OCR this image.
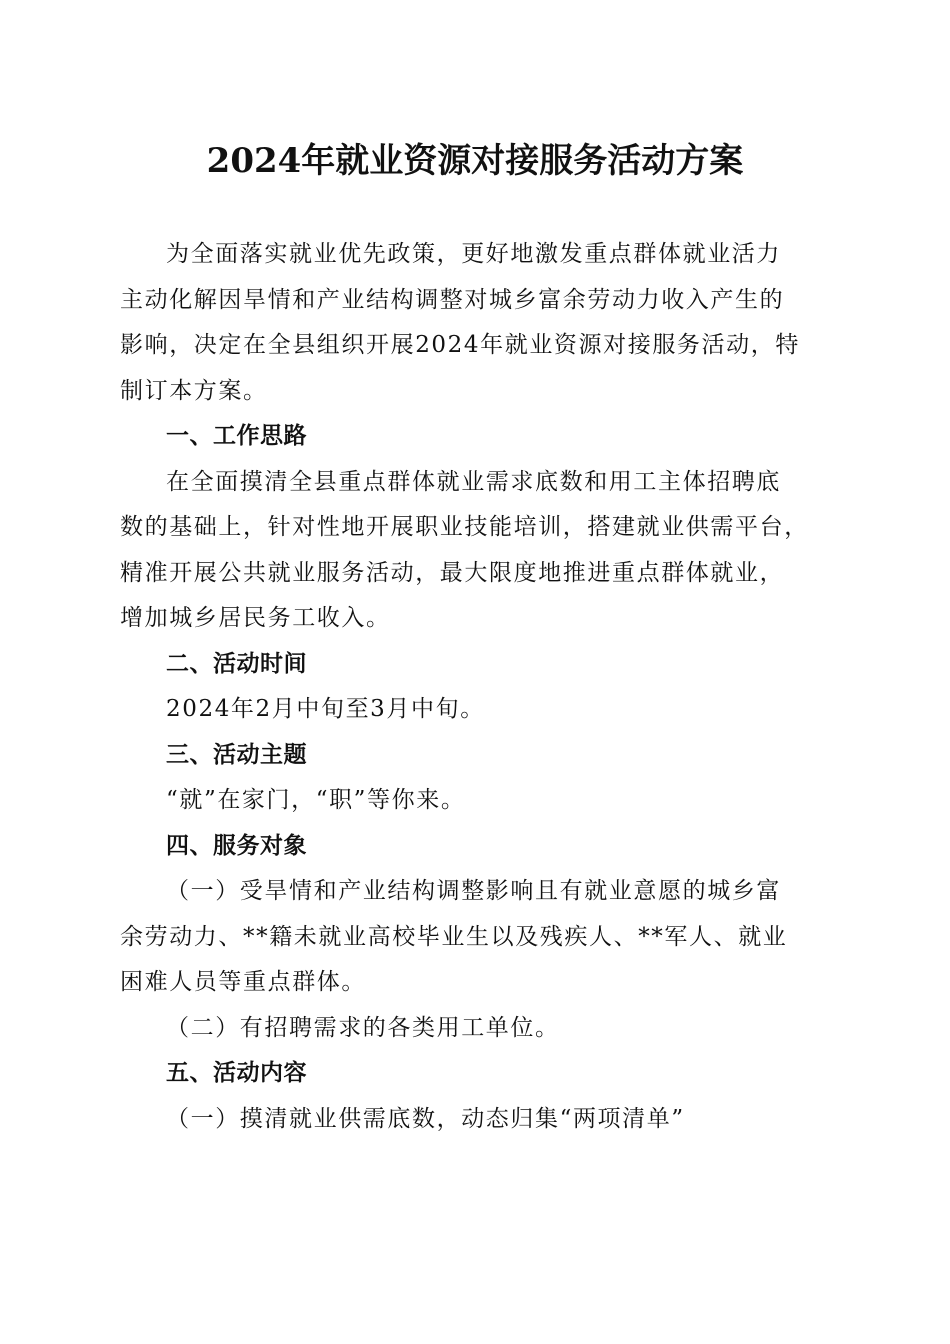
2024年就业资源对接服务活动方案
为全面落实就业优先政策，更好地激发重点群体就业活力
主动化解因旱情和产业结构调整对城乡富余劳动力收入产生的
影响，决定在全县组织开展2024年就业资源对接服务活动，特
制订本方案。
一、工作思路
在全面摸清全县重点群体就业需求底数和用工主体招聘底
数的基础上，针对性地开展职业技能培训，搭建就业供需平台，
精准开展公共就业服务活动，最大限度地推进重点群体就业，
增加城乡居民务工收入。
二、活动时间
2024年2月中旬至3月中旬。
三、活动主题
“就”在家门，“职”等你来。
四、服务对象
（一）受旱情和产业结构调整影响且有就业意愿的城乡富
余劳动力、**籍未就业高校毕业生以及残疾人、**军人、就业
困难人员等重点群体。
（二）有招聘需求的各类用工单位。
五、活动内容
（一）摸清就业供需底数，动态归集“两项清单”
